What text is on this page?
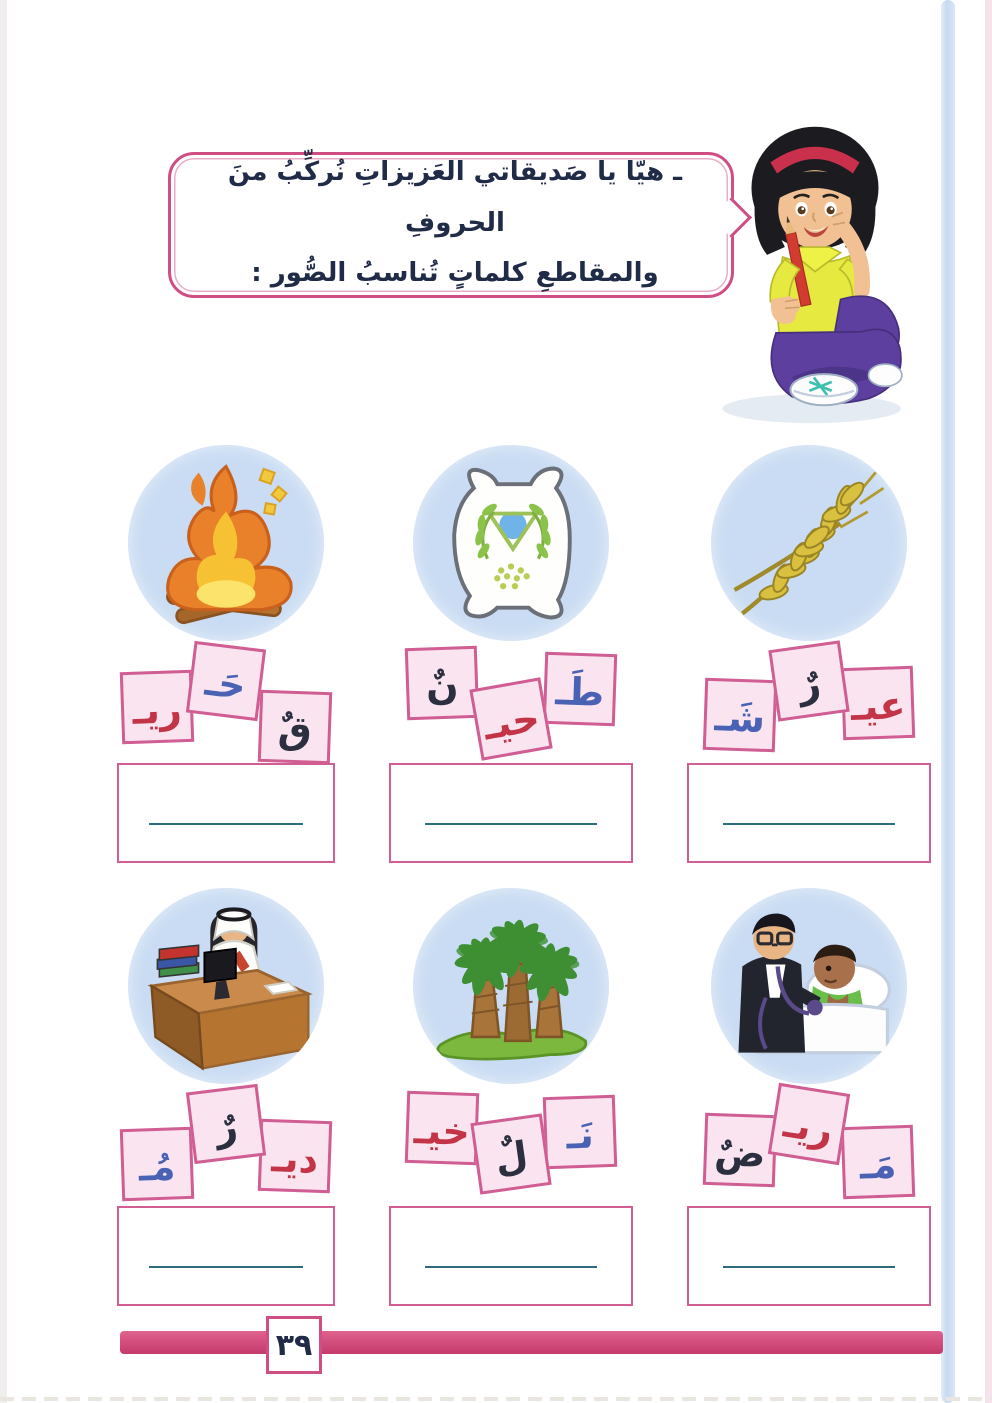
ـ هيّا يا صَديقاتي العَزيزاتِ نُركِّبُ منَ الحروفِ

والمقاطعِ كلماتٍ تُناسبُ الصُّور :

شَـ
رٌ عيـ
نٌ
حيـ
طَـ
ريـ
حَـ
قٌ
ضٌ
ريـ
مَـ
خيـ
لٌ نَـ
مُـ
رٌ
ديـ
٣٩
